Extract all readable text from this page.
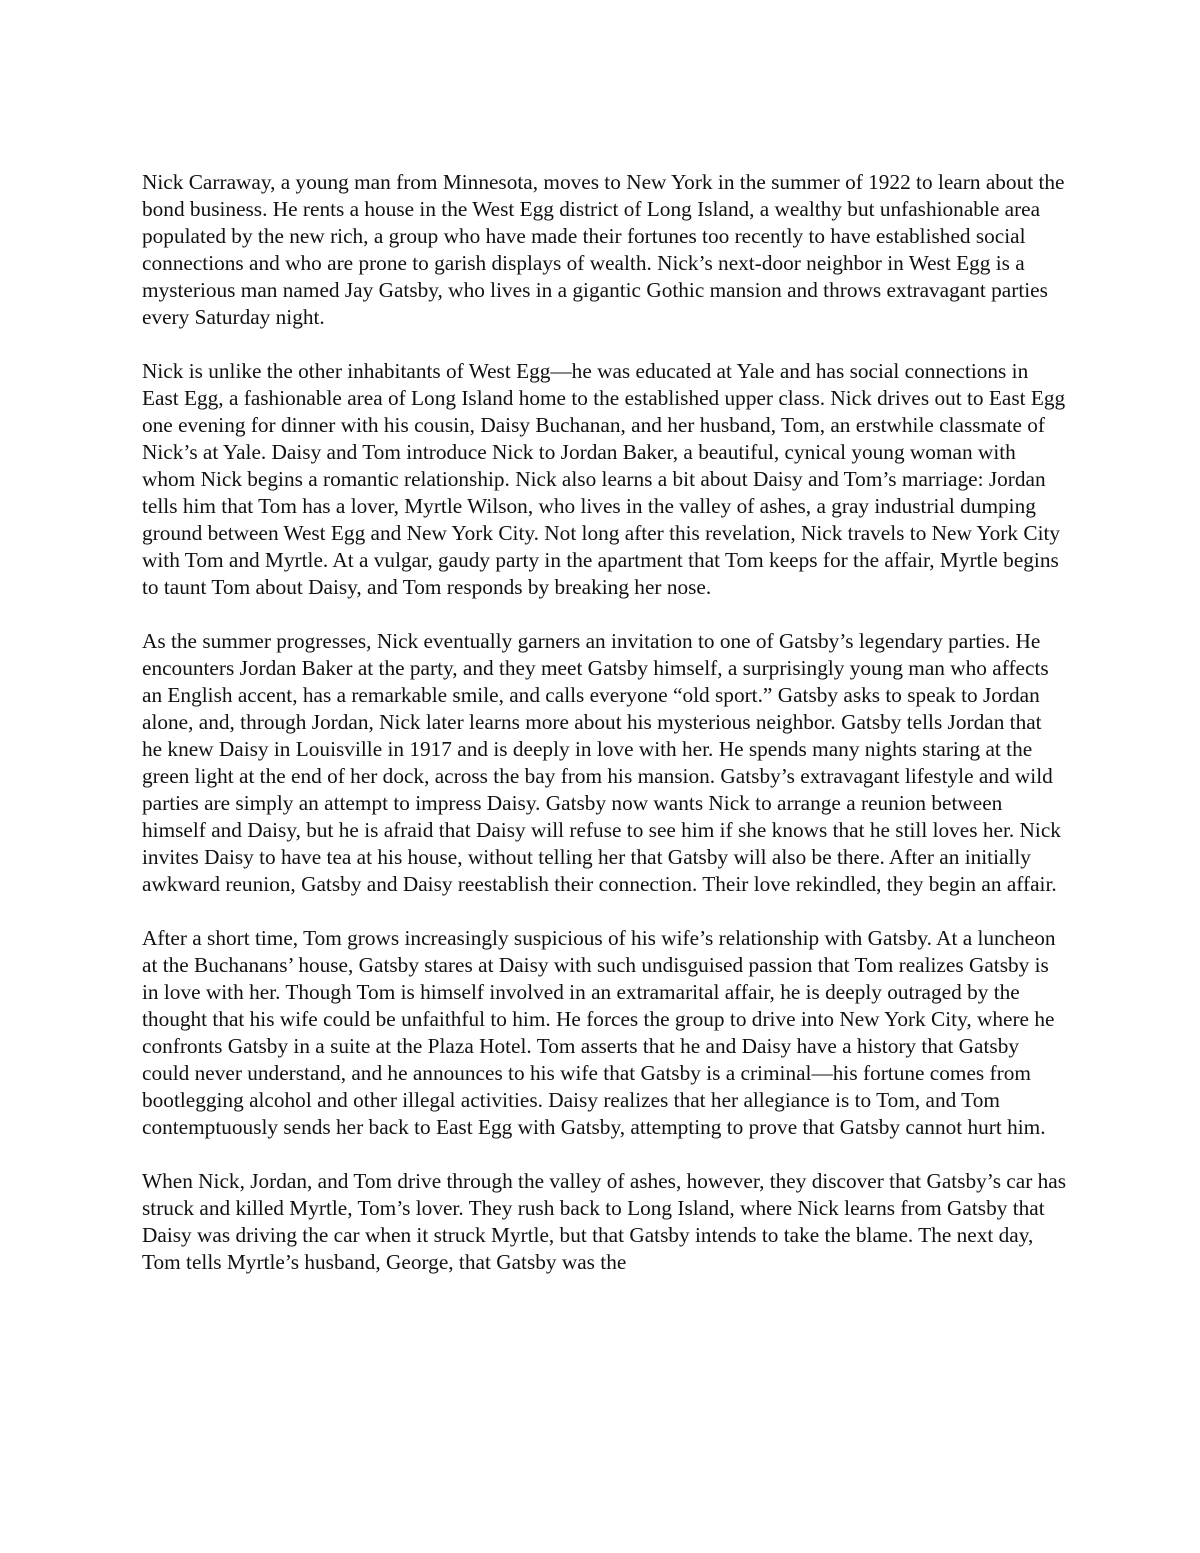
Nick Carraway, a young man from Minnesota, moves to New York in the summer of 1922 to learn about the bond business. He rents a house in the West Egg district of Long Island, a wealthy but unfashionable area populated by the new rich, a group who have made their fortunes too recently to have established social connections and who are prone to garish displays of wealth. Nick’s next-door neighbor in West Egg is a mysterious man named Jay Gatsby, who lives in a gigantic Gothic mansion and throws extravagant parties every Saturday night.

Nick is unlike the other inhabitants of West Egg—he was educated at Yale and has social connections in East Egg, a fashionable area of Long Island home to the established upper class. Nick drives out to East Egg one evening for dinner with his cousin, Daisy Buchanan, and her husband, Tom, an erstwhile classmate of Nick’s at Yale. Daisy and Tom introduce Nick to Jordan Baker, a beautiful, cynical young woman with whom Nick begins a romantic relationship. Nick also learns a bit about Daisy and Tom’s marriage: Jordan tells him that Tom has a lover, Myrtle Wilson, who lives in the valley of ashes, a gray industrial dumping ground between West Egg and New York City. Not long after this revelation, Nick travels to New York City with Tom and Myrtle. At a vulgar, gaudy party in the apartment that Tom keeps for the affair, Myrtle begins to taunt Tom about Daisy, and Tom responds by breaking her nose.

As the summer progresses, Nick eventually garners an invitation to one of Gatsby’s legendary parties. He encounters Jordan Baker at the party, and they meet Gatsby himself, a surprisingly young man who affects an English accent, has a remarkable smile, and calls everyone “old sport.” Gatsby asks to speak to Jordan alone, and, through Jordan, Nick later learns more about his mysterious neighbor. Gatsby tells Jordan that he knew Daisy in Louisville in 1917 and is deeply in love with her. He spends many nights staring at the green light at the end of her dock, across the bay from his mansion. Gatsby’s extravagant lifestyle and wild parties are simply an attempt to impress Daisy. Gatsby now wants Nick to arrange a reunion between himself and Daisy, but he is afraid that Daisy will refuse to see him if she knows that he still loves her. Nick invites Daisy to have tea at his house, without telling her that Gatsby will also be there. After an initially awkward reunion, Gatsby and Daisy reestablish their connection. Their love rekindled, they begin an affair.

After a short time, Tom grows increasingly suspicious of his wife’s relationship with Gatsby. At a luncheon at the Buchanans’ house, Gatsby stares at Daisy with such undisguised passion that Tom realizes Gatsby is in love with her. Though Tom is himself involved in an extramarital affair, he is deeply outraged by the thought that his wife could be unfaithful to him. He forces the group to drive into New York City, where he confronts Gatsby in a suite at the Plaza Hotel. Tom asserts that he and Daisy have a history that Gatsby could never understand, and he announces to his wife that Gatsby is a criminal—his fortune comes from bootlegging alcohol and other illegal activities. Daisy realizes that her allegiance is to Tom, and Tom contemptuously sends her back to East Egg with Gatsby, attempting to prove that Gatsby cannot hurt him.

When Nick, Jordan, and Tom drive through the valley of ashes, however, they discover that Gatsby’s car has struck and killed Myrtle, Tom’s lover. They rush back to Long Island, where Nick learns from Gatsby that Daisy was driving the car when it struck Myrtle, but that Gatsby intends to take the blame. The next day, Tom tells Myrtle’s husband, George, that Gatsby was the
